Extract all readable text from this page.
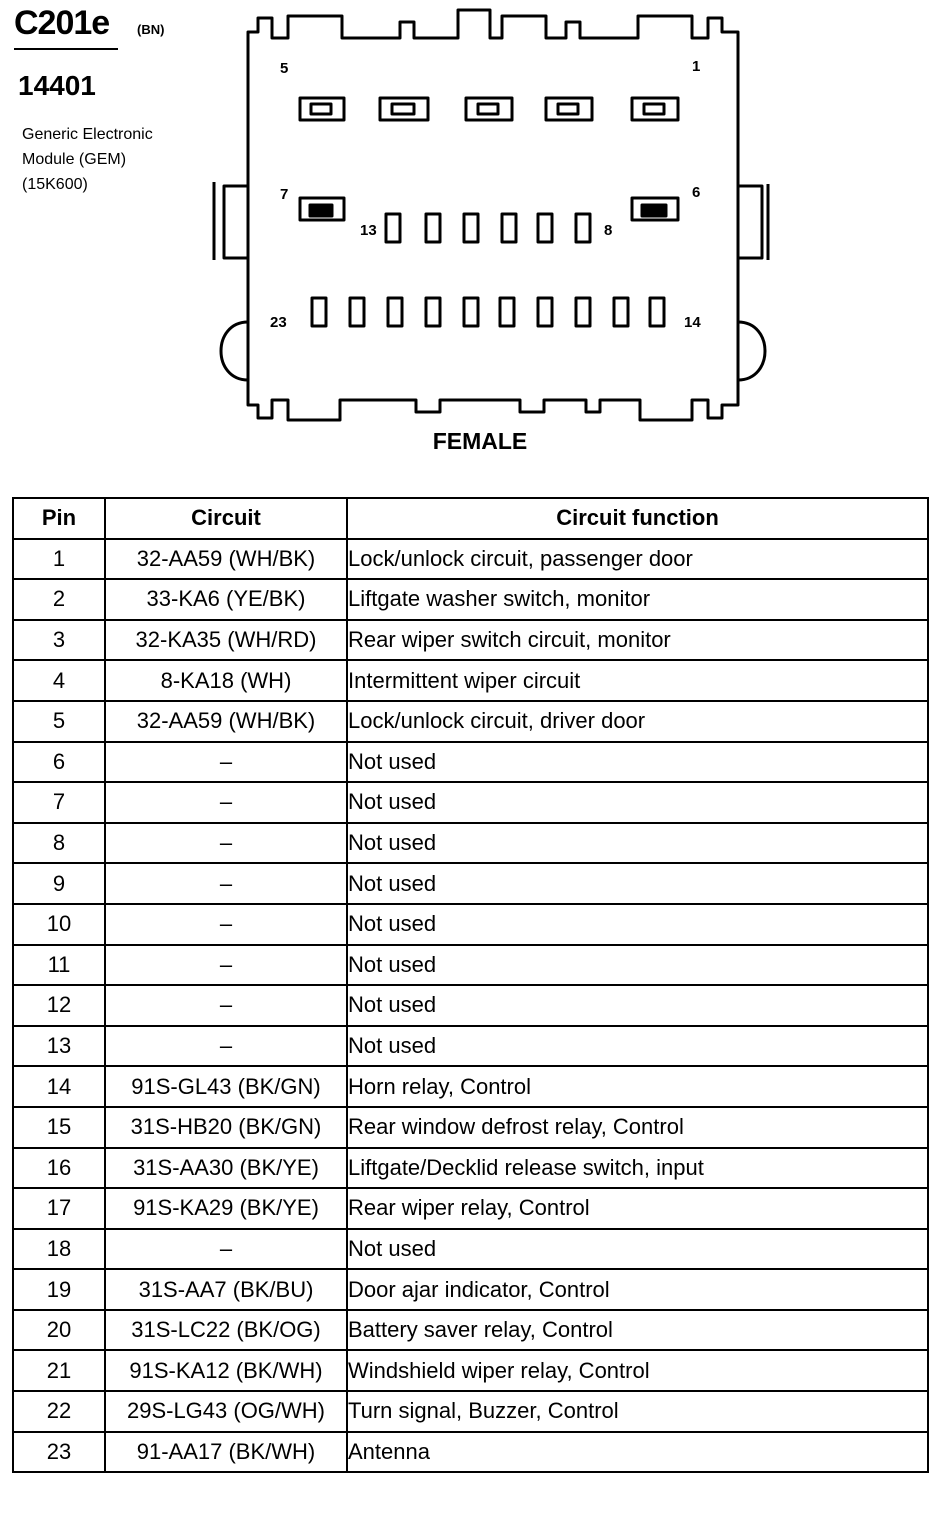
C201e (BN)
14401
Generic Electronic
Module (GEM)
(15K600)
5	1
7	6
13	8
23	14
FEMALE
Pin	Circuit	Circuit function
1	32-AA59 (WH/BK)	Lock/unlock circuit, passenger door
2	33-KA6 (YE/BK)	Liftgate washer switch, monitor
3	32-KA35 (WH/RD)	Rear wiper switch circuit, monitor
4	8-KA18 (WH)	Intermittent wiper circuit
5	32-AA59 (WH/BK)	Lock/unlock circuit, driver door
6	–	Not used
7	–	Not used
8	–	Not used
9	–	Not used
10	–	Not used
11	–	Not used
12	–	Not used
13	–	Not used
14	91S-GL43 (BK/GN)	Horn relay, Control
15	31S-HB20 (BK/GN)	Rear window defrost relay, Control
16	31S-AA30 (BK/YE)	Liftgate/Decklid release switch, input
17	91S-KA29 (BK/YE)	Rear wiper relay, Control
18	–	Not used
19	31S-AA7 (BK/BU)	Door ajar indicator, Control
20	31S-LC22 (BK/OG)	Battery saver relay, Control
21	91S-KA12 (BK/WH)	Windshield wiper relay, Control
22	29S-LG43 (OG/WH)	Turn signal, Buzzer, Control
23	91-AA17 (BK/WH)	Antenna
